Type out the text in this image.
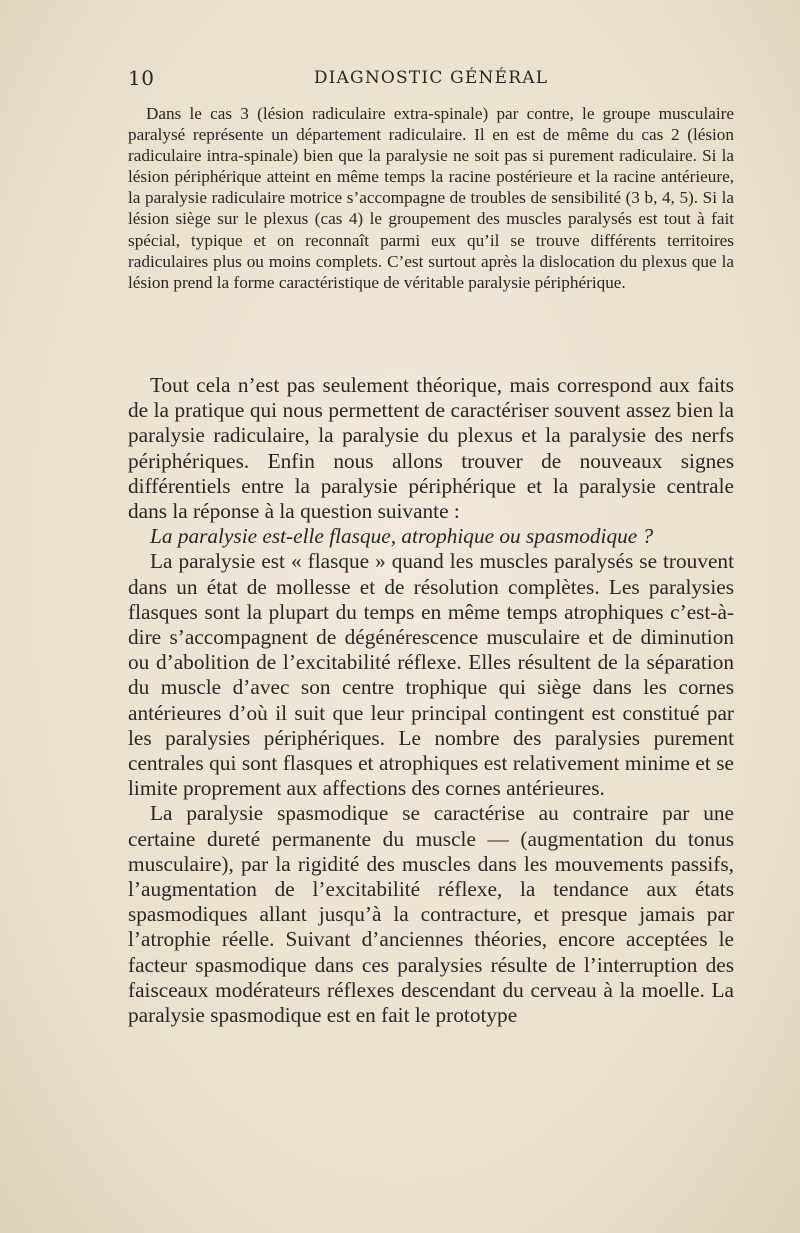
10	DIAGNOSTIC GÉNÉRAL

Dans le cas 3 (lésion radiculaire extra-spinale) par contre, le groupe musculaire paralysé représente un département radiculaire. Il en est de même du cas 2 (lésion radiculaire intra-spinale) bien que la paralysie ne soit pas si purement radiculaire. Si la lésion périphérique atteint en même temps la racine postérieure et la racine antérieure, la paralysie radiculaire motrice s’accompagne de troubles de sensibilité (3 b, 4, 5). Si la lésion siège sur le plexus (cas 4) le groupement des muscles paralysés est tout à fait spécial, typique et on reconnaît parmi eux qu’il se trouve différents territoires radiculaires plus ou moins complets. C’est surtout après la dislocation du plexus que la lésion prend la forme caractéristique de véritable paralysie périphérique.

Tout cela n’est pas seulement théorique, mais correspond aux faits de la pratique qui nous permettent de caractériser souvent assez bien la paralysie radiculaire, la paralysie du plexus et la paralysie des nerfs périphériques. Enfin nous allons trouver de nouveaux signes différentiels entre la paralysie périphérique et la paralysie centrale dans la réponse à la question suivante :

La paralysie est-elle flasque, atrophique ou spasmodique ?

La paralysie est « flasque » quand les muscles paralysés se trouvent dans un état de mollesse et de résolution complètes. Les paralysies flasques sont la plupart du temps en même temps atrophiques c’est-à-dire s’accompagnent de dégénérescence musculaire et de diminution ou d’abolition de l’excitabilité réflexe. Elles résultent de la séparation du muscle d’avec son centre trophique qui siège dans les cornes antérieures d’où il suit que leur principal contingent est constitué par les paralysies périphériques. Le nombre des paralysies purement centrales qui sont flasques et atrophiques est relativement minime et se limite proprement aux affections des cornes antérieures.

La paralysie spasmodique se caractérise au contraire par une certaine dureté permanente du muscle — (augmentation du tonus musculaire), par la rigidité des muscles dans les mouvements passifs, l’augmentation de l’excitabilité réflexe, la tendance aux états spasmodiques allant jusqu’à la contracture, et presque jamais par l’atrophie réelle. Suivant d’anciennes théories, encore acceptées le facteur spasmodique dans ces paralysies résulte de l’interruption des faisceaux modérateurs réflexes descendant du cerveau à la moelle. La paralysie spasmodique est en fait le prototype
